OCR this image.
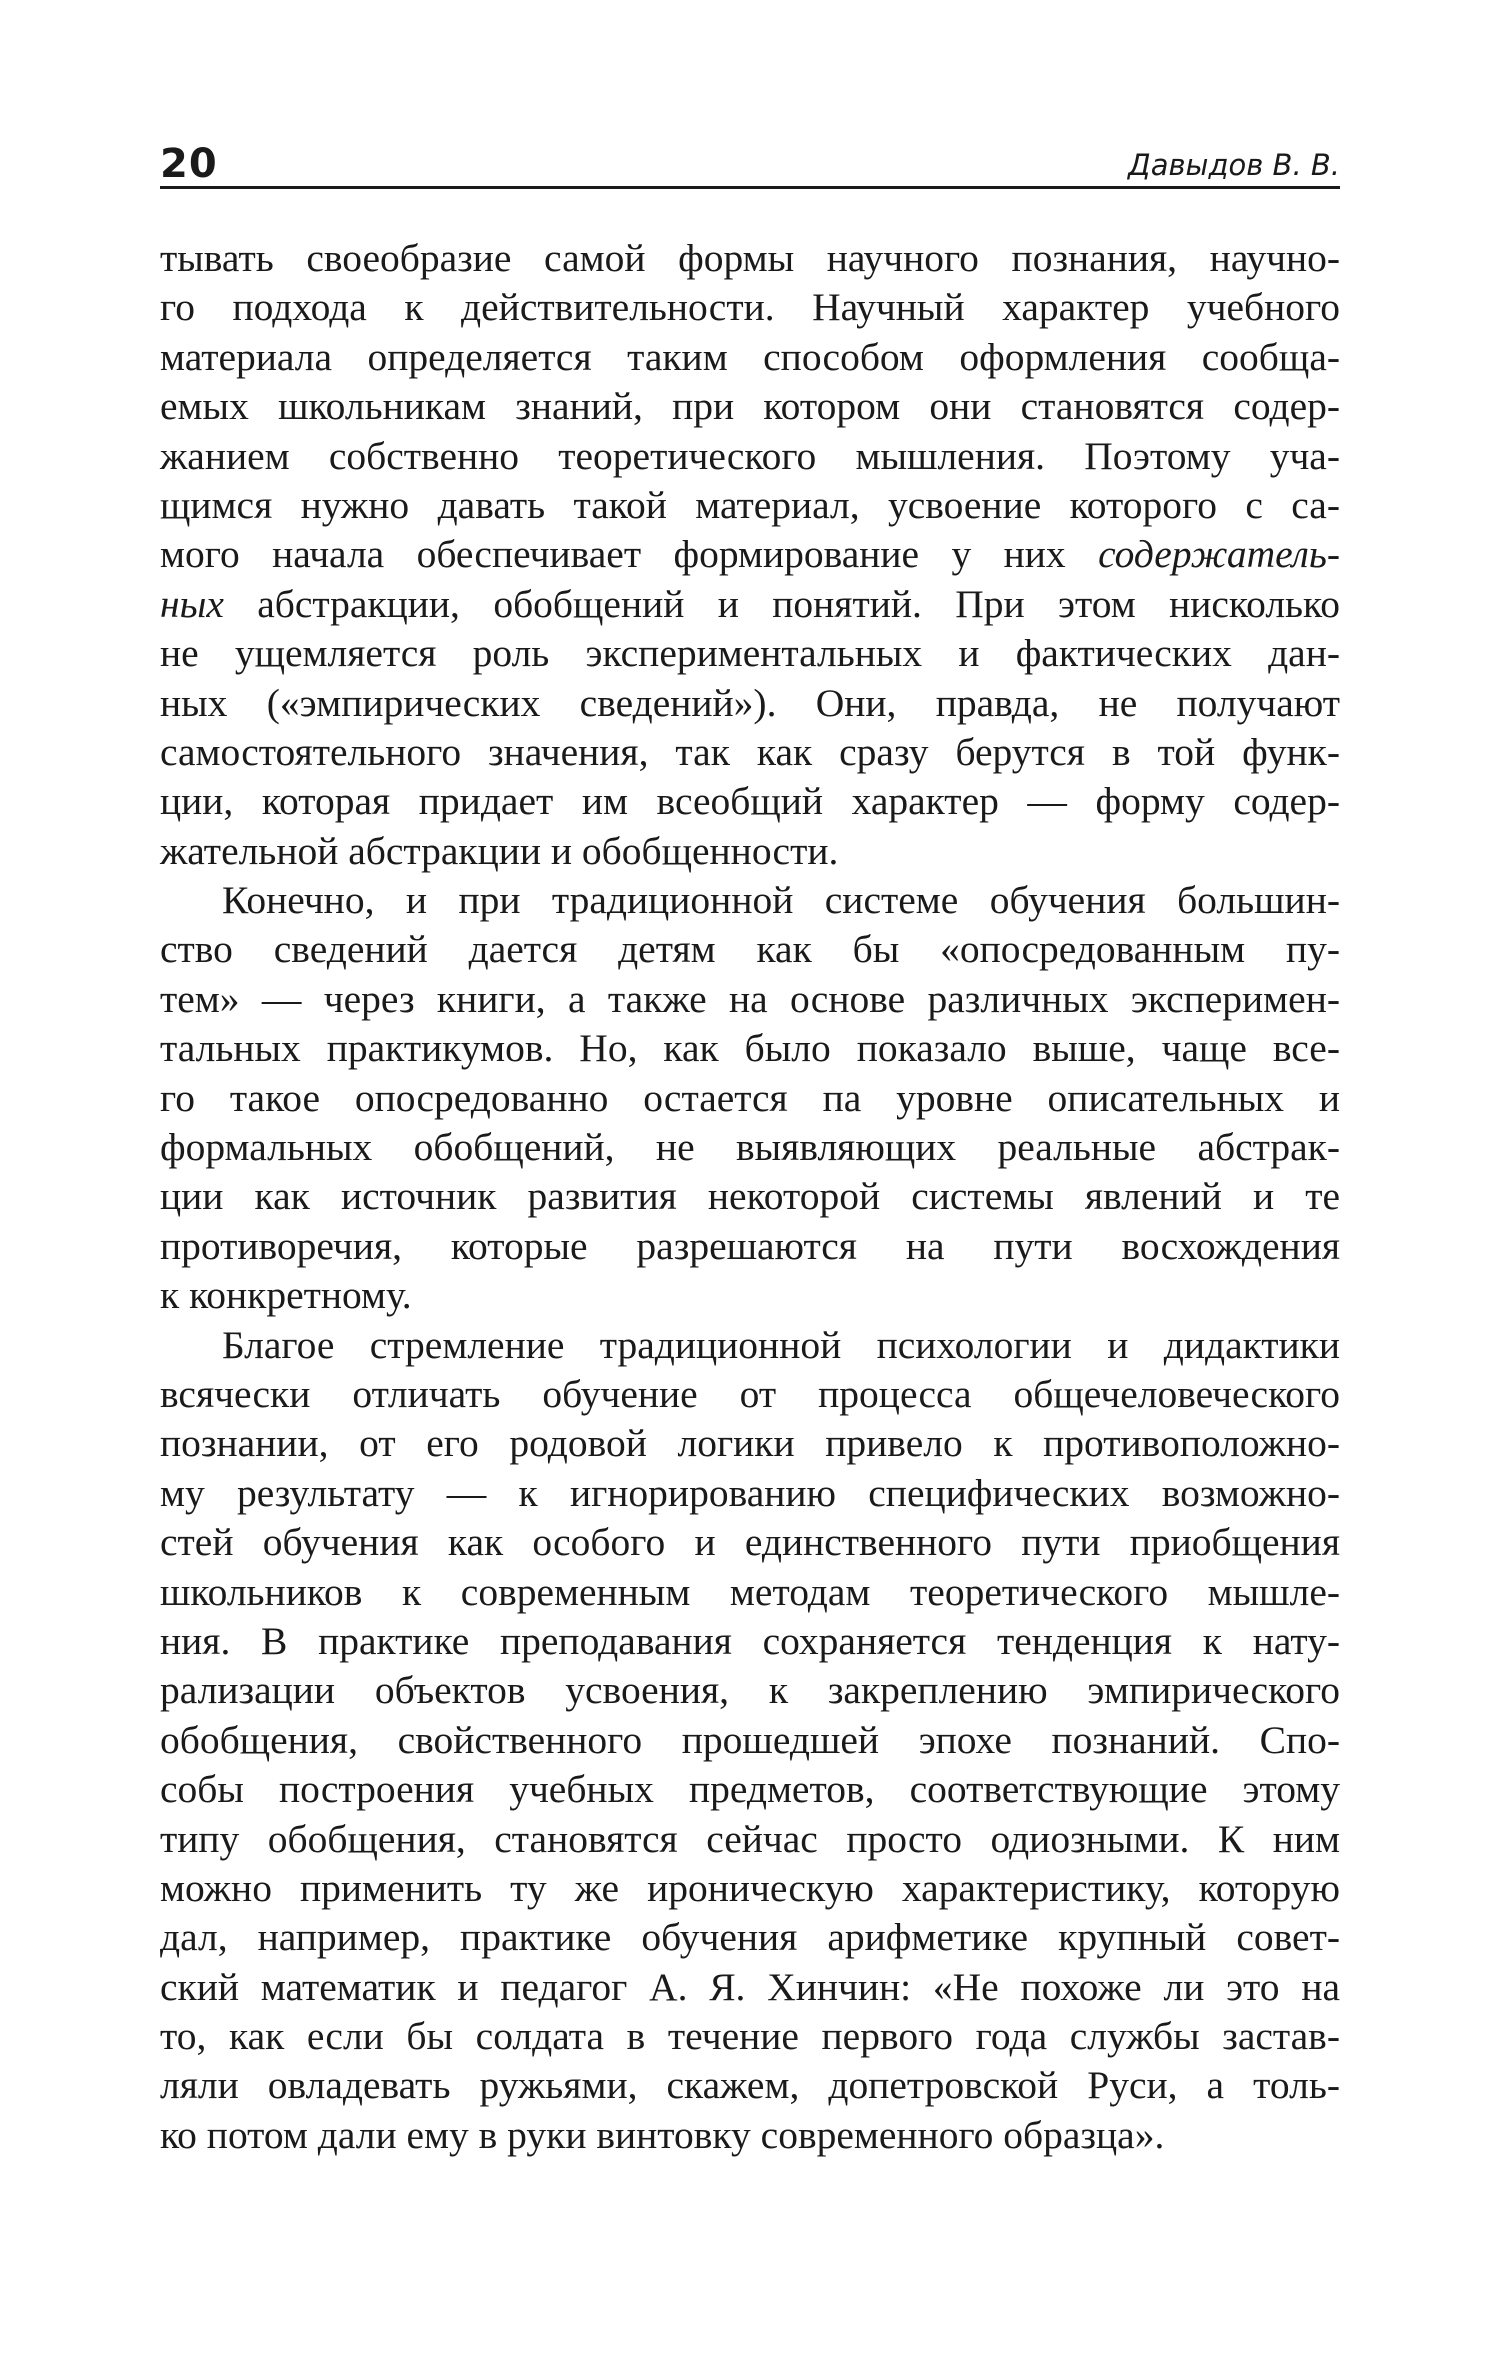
20	Давыдов В. В.
тывать своеобразие самой формы научного познания, научно-
го подхода к действительности. Научный характер учебного
материала определяется таким способом оформления сообща-
емых школьникам знаний, при котором они становятся содер-
жанием собственно теоретического мышления. Поэтому уча-
щимся нужно давать такой материал, усвоение которого с са-
мого начала обеспечивает формирование у них содержатель-
ных абстракции, обобщений и понятий. При этом нисколько
не ущемляется роль экспериментальных и фактических дан-
ных («эмпирических сведений»). Они, правда, не получают
самостоятельного значения, так как сразу берутся в той функ-
ции, которая придает им всеобщий характер — форму содер-
жательной абстракции и обобщенности.
Конечно, и при традиционной системе обучения большин-
ство сведений дается детям как бы «опосредованным пу-
тем» — через книги, а также на основе различных эксперимен-
тальных практикумов. Но, как было показало выше, чаще все-
го такое опосредованно остается па уровне описательных и
формальных обобщений, не выявляющих реальные абстрак-
ции как источник развития некоторой системы явлений и те
противоречия, которые разрешаются на пути восхождения
к конкретному.
Благое стремление традиционной психологии и дидактики
всячески отличать обучение от процесса общечеловеческого
познании, от его родовой логики привело к противоположно-
му результату — к игнорированию специфических возможно-
стей обучения как особого и единственного пути приобщения
школьников к современным методам теоретического мышле-
ния. В практике преподавания сохраняется тенденция к нату-
рализации объектов усвоения, к закреплению эмпирического
обобщения, свойственного прошедшей эпохе познаний. Спо-
собы построения учебных предметов, соответствующие этому
типу обобщения, становятся сейчас просто одиозными. К ним
можно применить ту же ироническую характеристику, которую
дал, например, практике обучения арифметике крупный совет-
ский математик и педагог А. Я. Хинчин: «Не похоже ли это на
то, как если бы солдата в течение первого года службы застав-
ляли овладевать ружьями, скажем, допетровской Руси, а толь-
ко потом дали ему в руки винтовку современного образца».
